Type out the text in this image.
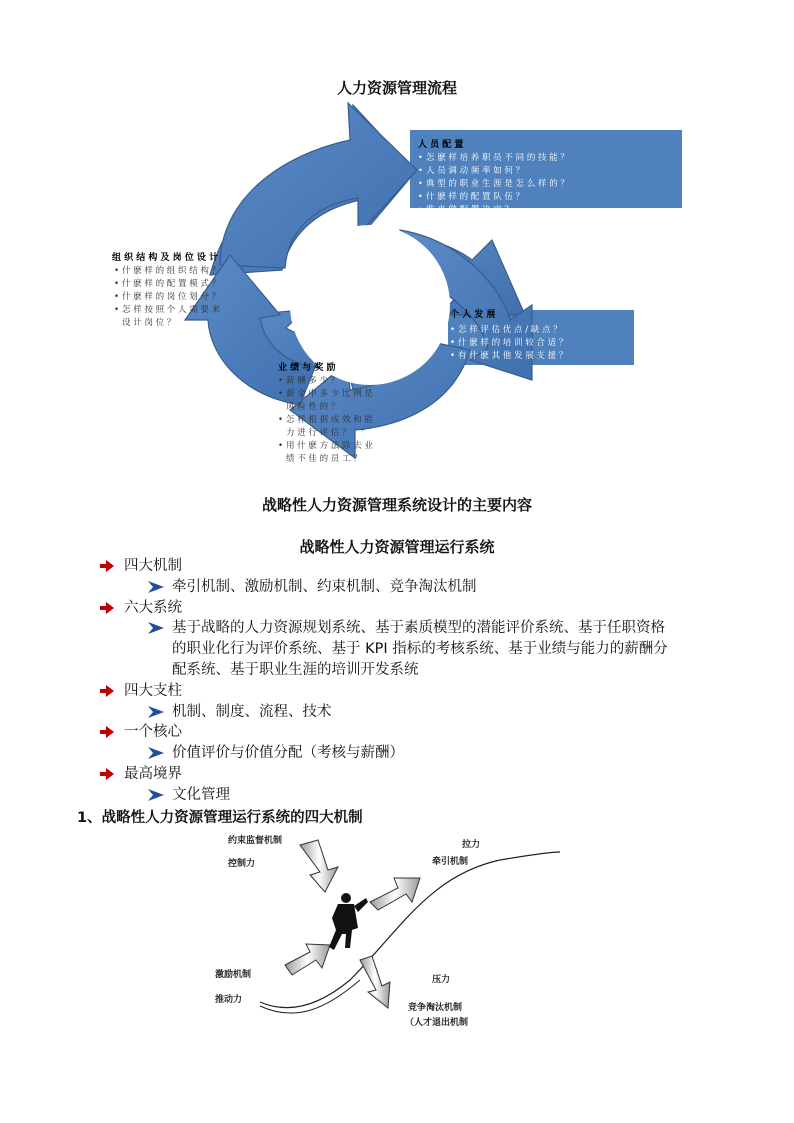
人力资源管理流程
人 员 配 置
怎 麽 样 培 养 职 员 不 同 的 技 能 ？
人 员 调 动 频 率 如 何 ？
典 型 的 职 业 生 涯 是 怎 么 样 的 ？
什 麽 样 的 配 置 队 伍 ？
谁 来 做 配 置 决 定 ？
•
•
•
•
•
个 人 发 展
怎 样 评 估 优 点 / 缺 点 ？
什 麽 样 的 培 训 较 合 适 ？
有 什 麽 其 他 发 展 支 援 ？
•
•
•
业 绩 与 奖 励
薪 酬 多 少 ？
薪 金 中 多 少 比 例 是
风 险 性 的 ？
怎 样 根 据 成 效 和 能
力 进 行 评 估 ？
用 什 麽 方 法 除 去 业
绩 不 佳 的 员 工 ？
•
•
•
•
组 织 结 构 及 岗 位 设 计
什 麽 样 的 组 织 结 构 ？
什 麽 样 的 配 置 模 式 ？
什 麽 样 的 岗 位 划 分 ？
怎 样 按 照 个 人 需 要 来
设 计 岗 位 ？
•
•
•
•
战略性人力资源管理系统设计的主要内容
战略性人力资源管理运行系统
四大机制
牵引机制、激励机制、约束机制、竞争淘汰机制
六大系统
基于战略的人力资源规划系统、基于素质模型的潜能评价系统、基于任职资格
的职业化行为评价系统、基于 KPI 指标的考核系统、基于业绩与能力的薪酬分
配系统、基于职业生涯的培训开发系统
四大支柱
机制、制度、流程、技术
一个核心
价值评价与价值分配（考核与薪酬）
最高境界
文化管理
1、战略性人力资源管理运行系统的四大机制
约束监督机制
控制力
拉力
牵引机制
激励机制
推动力
压力
竞争淘汰机制
（人才退出机制
